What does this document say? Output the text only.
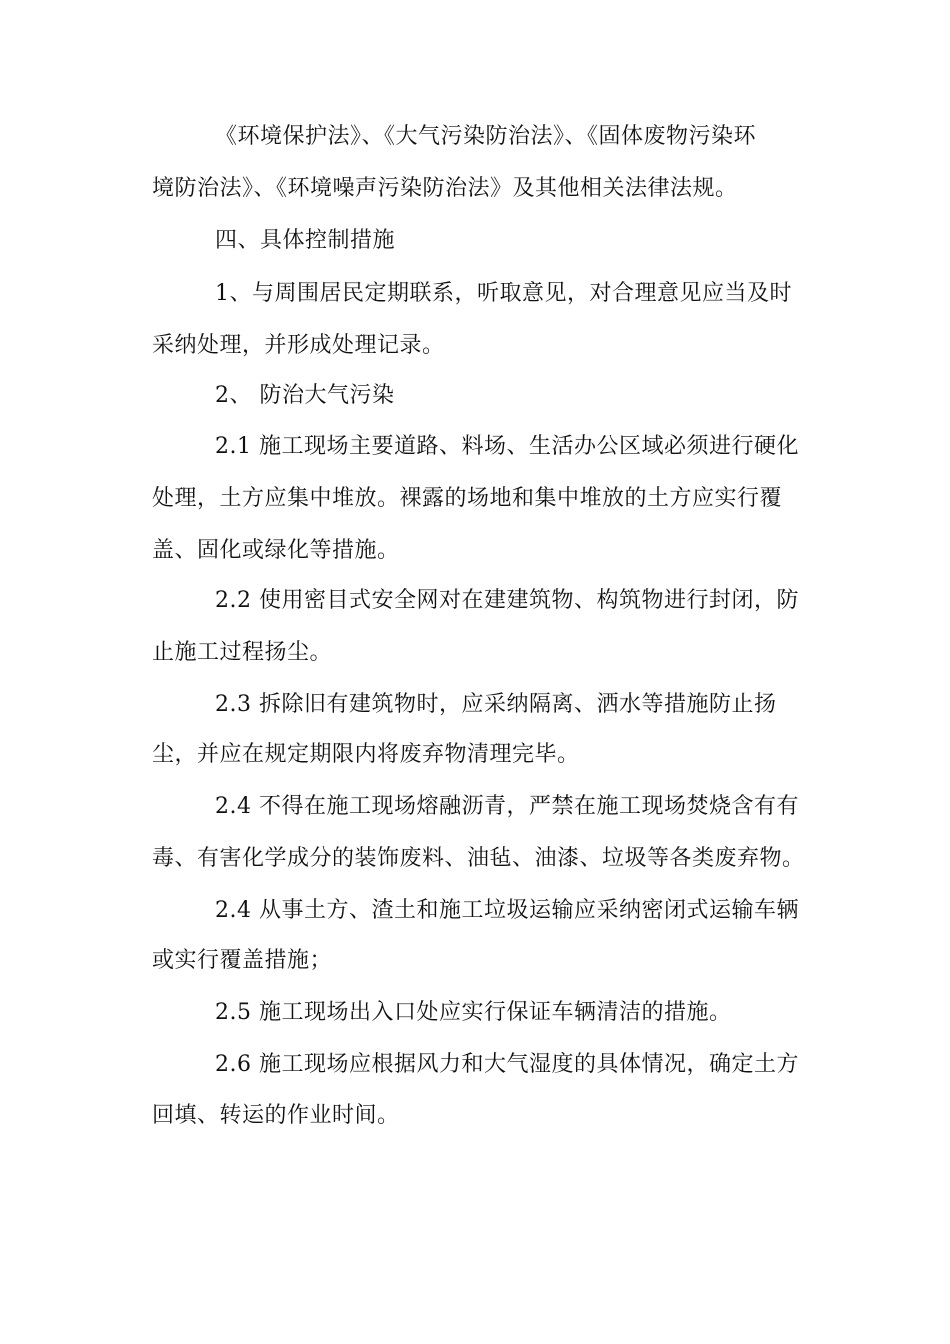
《环境保护法》、《大气污染防治法》、《固体废物污染环
境防治法》、《环境噪声污染防治法》及其他相关法律法规。
四、具体控制措施
1、与周围居民定期联系，听取意见，对合理意见应当及时
采纳处理，并形成处理记录。
2、 防治大气污染
2.1 施工现场主要道路、料场、生活办公区域必须进行硬化
处理，土方应集中堆放。裸露的场地和集中堆放的土方应实行覆
盖、固化或绿化等措施。
2.2 使用密目式安全网对在建建筑物、构筑物进行封闭，防
止施工过程扬尘。
2.3 拆除旧有建筑物时，应采纳隔离、洒水等措施防止扬
尘，并应在规定期限内将废弃物清理完毕。
2.4 不得在施工现场熔融沥青，严禁在施工现场焚烧含有有
毒、有害化学成分的装饰废料、油毡、油漆、垃圾等各类废弃物。
2.4 从事土方、渣土和施工垃圾运输应采纳密闭式运输车辆
或实行覆盖措施；
2.5 施工现场出入口处应实行保证车辆清洁的措施。
2.6 施工现场应根据风力和大气湿度的具体情况，确定土方
回填、转运的作业时间。
